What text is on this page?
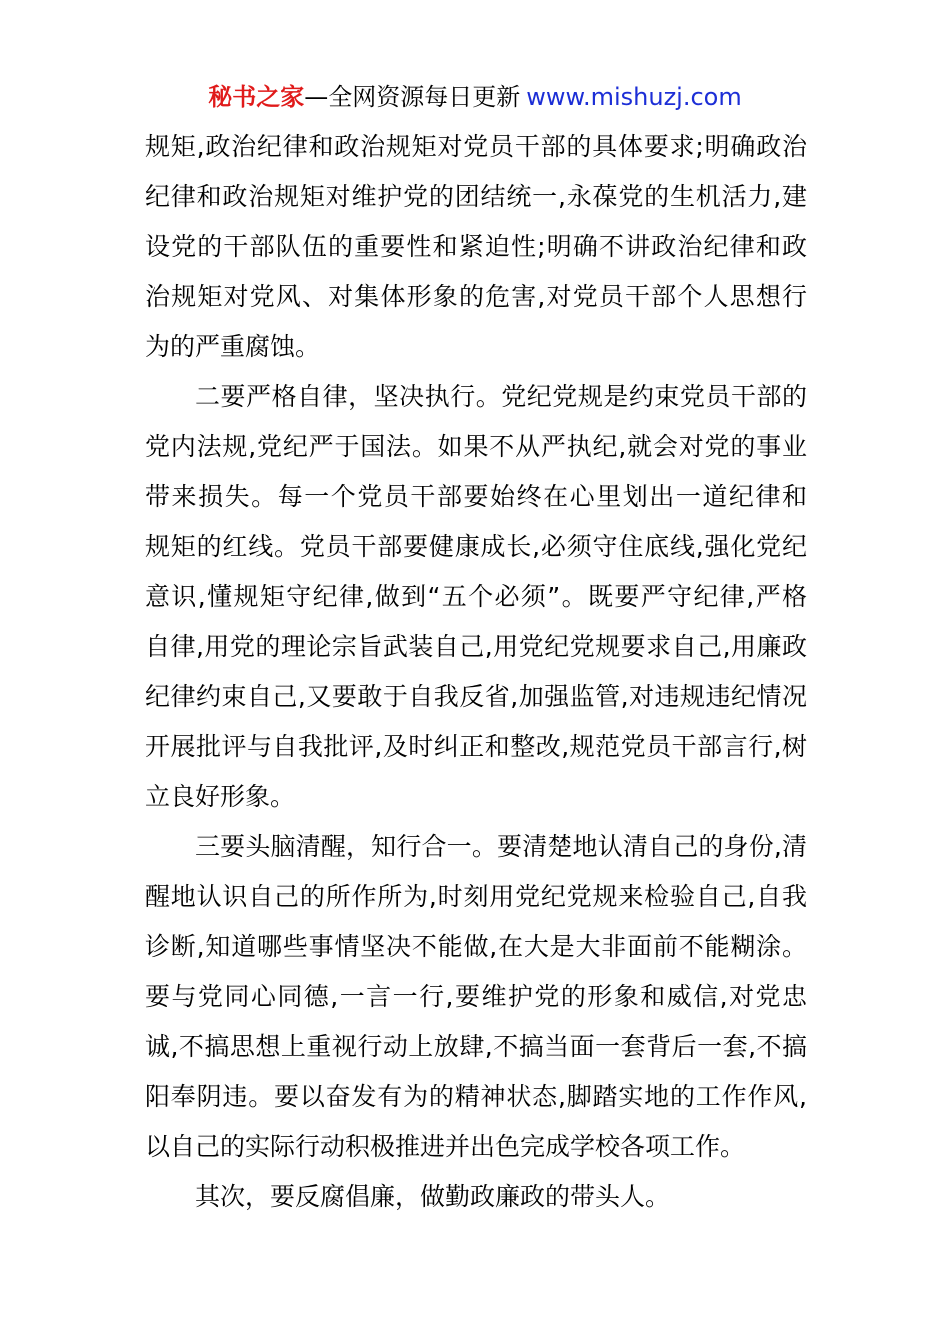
秘书之家—全网资源每日更新 www.mishuzj.com
规矩,政治纪律和政治规矩对党员干部的具体要求;明确政治
纪律和政治规矩对维护党的团结统一,永葆党的生机活力,建
设党的干部队伍的重要性和紧迫性;明确不讲政治纪律和政
治规矩对党风、对集体形象的危害,对党员干部个人思想行
为的严重腐蚀。
二要严格自律，坚决执行。党纪党规是约束党员干部的
党内法规,党纪严于国法。如果不从严执纪,就会对党的事业
带来损失。每一个党员干部要始终在心里划出一道纪律和
规矩的红线。党员干部要健康成长,必须守住底线,强化党纪
意识,懂规矩守纪律,做到“五个必须”。既要严守纪律,严格
自律,用党的理论宗旨武装自己,用党纪党规要求自己,用廉政
纪律约束自己,又要敢于自我反省,加强监管,对违规违纪情况
开展批评与自我批评,及时纠正和整改,规范党员干部言行,树
立良好形象。
三要头脑清醒，知行合一。要清楚地认清自己的身份,清
醒地认识自己的所作所为,时刻用党纪党规来检验自己,自我
诊断,知道哪些事情坚决不能做,在大是大非面前不能糊涂。
要与党同心同德,一言一行,要维护党的形象和威信,对党忠
诚,不搞思想上重视行动上放肆,不搞当面一套背后一套,不搞
阳奉阴违。要以奋发有为的精神状态,脚踏实地的工作作风,
以自己的实际行动积极推进并出色完成学校各项工作。
其次，要反腐倡廉，做勤政廉政的带头人。
